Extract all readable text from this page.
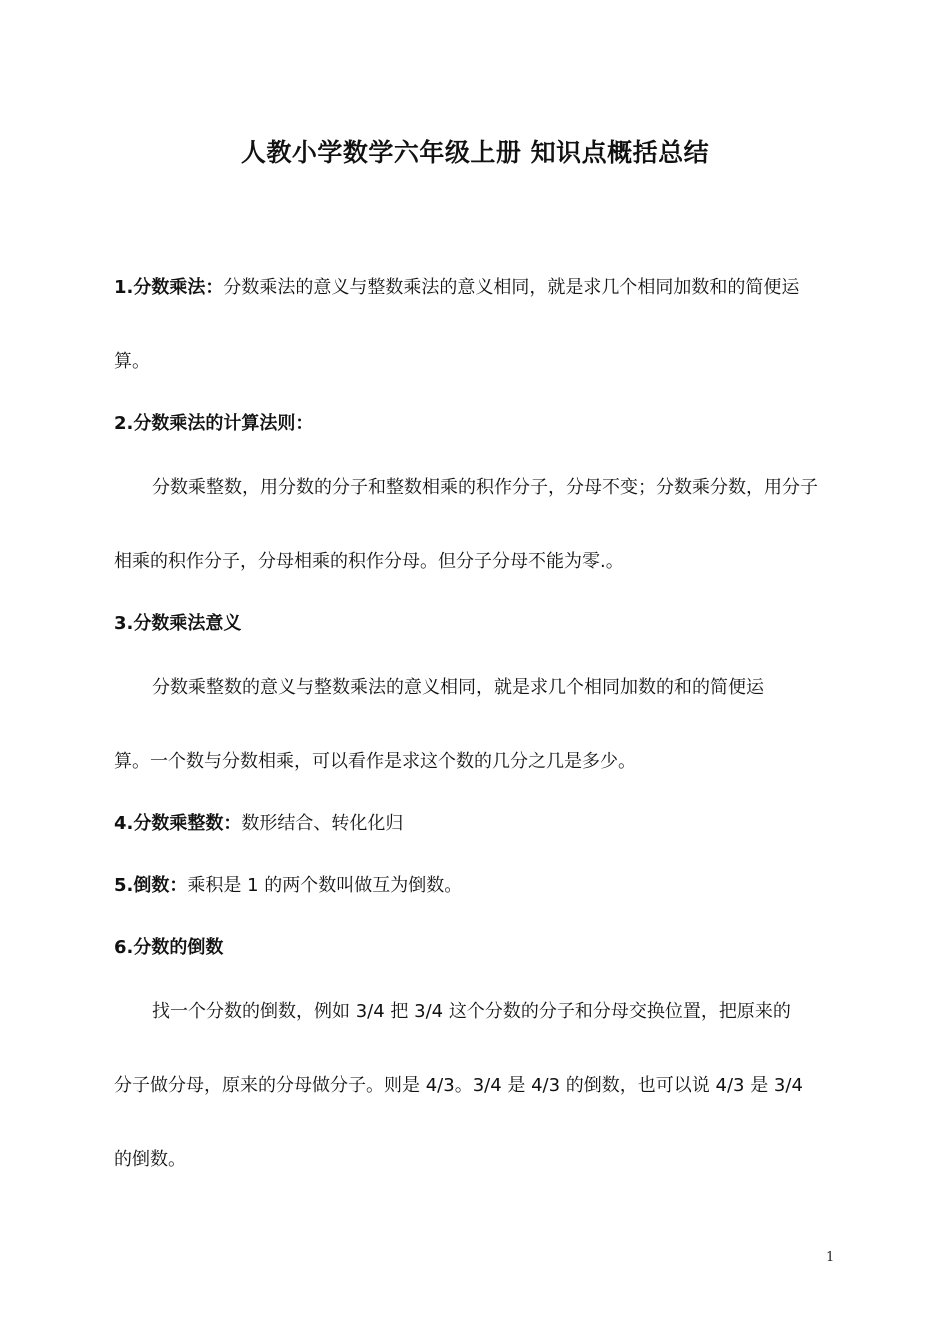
人教小学数学六年级上册 知识点概括总结
1.分数乘法：分数乘法的意义与整数乘法的意义相同，就是求几个相同加数和的简便运
算。
2.分数乘法的计算法则：
分数乘整数，用分数的分子和整数相乘的积作分子，分母不变；分数乘分数，用分子
相乘的积作分子，分母相乘的积作分母。但分子分母不能为零.。
3.分数乘法意义
分数乘整数的意义与整数乘法的意义相同，就是求几个相同加数的和的简便运
算。一个数与分数相乘，可以看作是求这个数的几分之几是多少。
4.分数乘整数：数形结合、转化化归
5.倒数：乘积是 1 的两个数叫做互为倒数。
6.分数的倒数
找一个分数的倒数，例如 3/4 把 3/4 这个分数的分子和分母交换位置，把原来的
分子做分母，原来的分母做分子。则是 4/3。3/4 是 4/3 的倒数，也可以说 4/3 是 3/4
的倒数。
1
